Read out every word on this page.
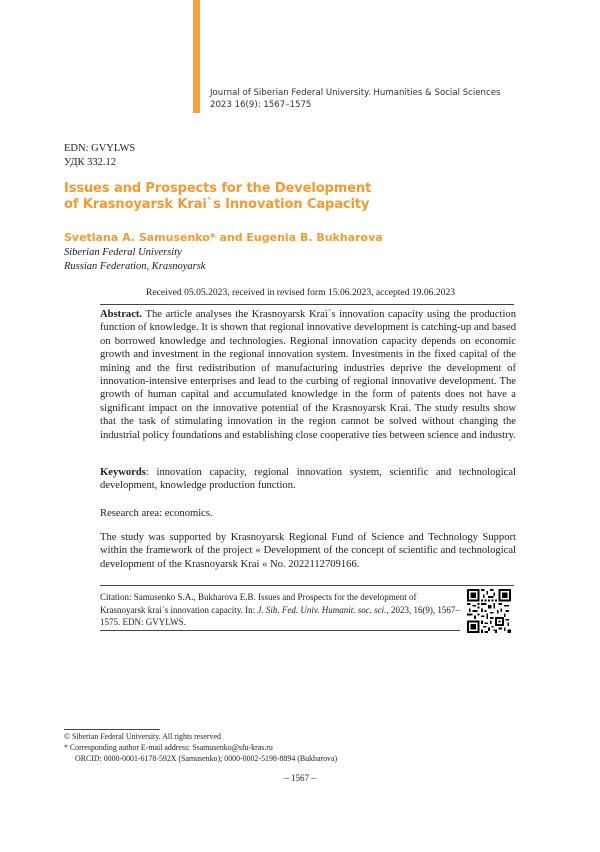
Journal of Siberian Federal University. Humanities & Social Sciences
2023 16(9): 1567–1575
EDN: GVYLWS
УДК 332.12
Issues and Prospects for the Development
of Krasnoyarsk Krai`s Innovation Capacity
Svetlana A. Samusenko* and Eugenia B. Bukharova
Siberian Federal University
Russian Federation, Krasnoyarsk
Received 05.05.2023, received in revised form 15.06.2023, accepted 19.06.2023
Abstract. The article analyses the Krasnoyarsk Krai`s innovation capacity using the production function of knowledge. It is shown that regional innovative development is catching-up and based on borrowed knowledge and technologies. Regional innovation capacity depends on economic growth and investment in the regional innovation system. Investments in the fixed capital of the mining and the first redistribution of manufacturing industries deprive the development of innovation-intensive enterprises and lead to the curbing of regional innovative development. The growth of human capital and accumulated knowledge in the form of patents does not have a significant impact on the innovative potential of the Krasnoyarsk Krai. The study results show that the task of stimulating innovation in the region cannot be solved without changing the industrial policy foundations and establishing close cooperative ties between science and industry.
Keywords: innovation capacity, regional innovation system, scientific and technological development, knowledge production function.
Research area: economics.
The study was supported by Krasnoyarsk Regional Fund of Science and Technology Support within the framework of the project « Development of the concept of scientific and technological development of the Krasnoyarsk Krai « No. 2022112709166.
Citation: Samusenko S.A., Bukharova E.B. Issues and Prospects for the development of Krasnoyarsk krai`s innovation capacity. In: J. Sib. Fed. Univ. Humanit. soc. sci., 2023, 16(9), 1567–1575. EDN: GVYLWS.
© Siberian Federal University. All rights reserved
* Corresponding author E-mail address: Ssamusenko@sfu-kras.ru
ORCID: 0000-0001-6178-592X (Samusenko); 0000-0002-5198-8894 (Bukharova)
– 1567 –
